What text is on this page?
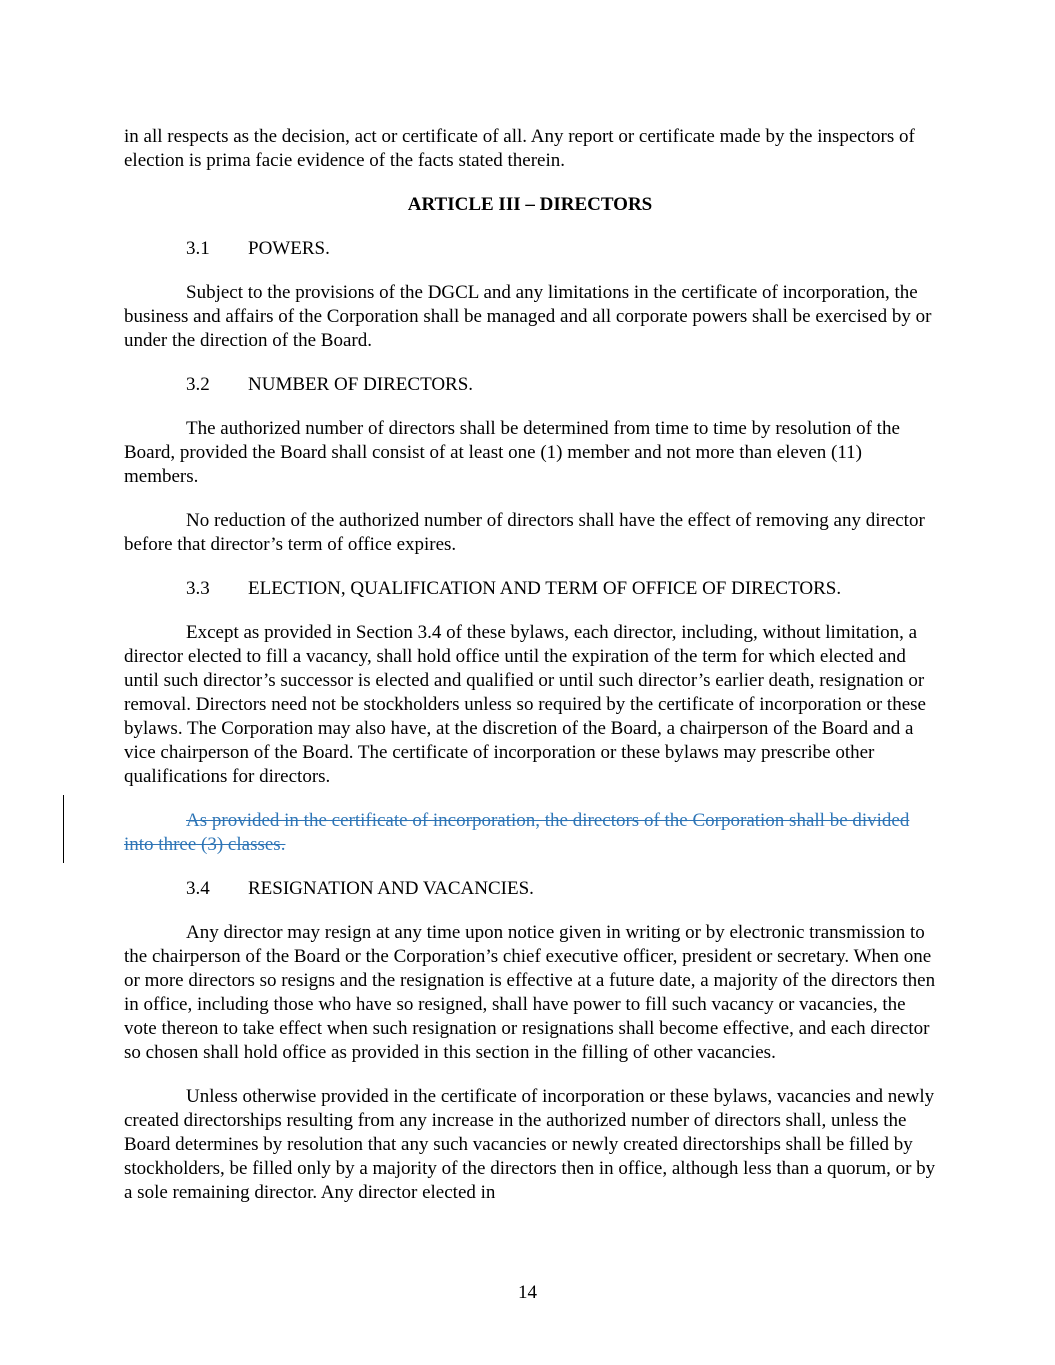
in all respects as the decision, act or certificate of all. Any report or certificate made by the inspectors of election is prima facie evidence of the facts stated therein.

ARTICLE III – DIRECTORS

3.1 POWERS.

Subject to the provisions of the DGCL and any limitations in the certificate of incorporation, the business and affairs of the Corporation shall be managed and all corporate powers shall be exercised by or under the direction of the Board.

3.2 NUMBER OF DIRECTORS.

The authorized number of directors shall be determined from time to time by resolution of the Board, provided the Board shall consist of at least one (1) member and not more than eleven (11) members.

No reduction of the authorized number of directors shall have the effect of removing any director before that director’s term of office expires.

3.3 ELECTION, QUALIFICATION AND TERM OF OFFICE OF DIRECTORS.

Except as provided in Section 3.4 of these bylaws, each director, including, without limitation, a director elected to fill a vacancy, shall hold office until the expiration of the term for which elected and until such director’s successor is elected and qualified or until such director’s earlier death, resignation or removal. Directors need not be stockholders unless so required by the certificate of incorporation or these bylaws. The Corporation may also have, at the discretion of the Board, a chairperson of the Board and a vice chairperson of the Board. The certificate of incorporation or these bylaws may prescribe other qualifications for directors.

As provided in the certificate of incorporation, the directors of the Corporation shall be divided into three (3) classes.

3.4 RESIGNATION AND VACANCIES.

Any director may resign at any time upon notice given in writing or by electronic transmission to the chairperson of the Board or the Corporation’s chief executive officer, president or secretary. When one or more directors so resigns and the resignation is effective at a future date, a majority of the directors then in office, including those who have so resigned, shall have power to fill such vacancy or vacancies, the vote thereon to take effect when such resignation or resignations shall become effective, and each director so chosen shall hold office as provided in this section in the filling of other vacancies.

Unless otherwise provided in the certificate of incorporation or these bylaws, vacancies and newly created directorships resulting from any increase in the authorized number of directors shall, unless the Board determines by resolution that any such vacancies or newly created directorships shall be filled by stockholders, be filled only by a majority of the directors then in office, although less than a quorum, or by a sole remaining director. Any director elected in

14
